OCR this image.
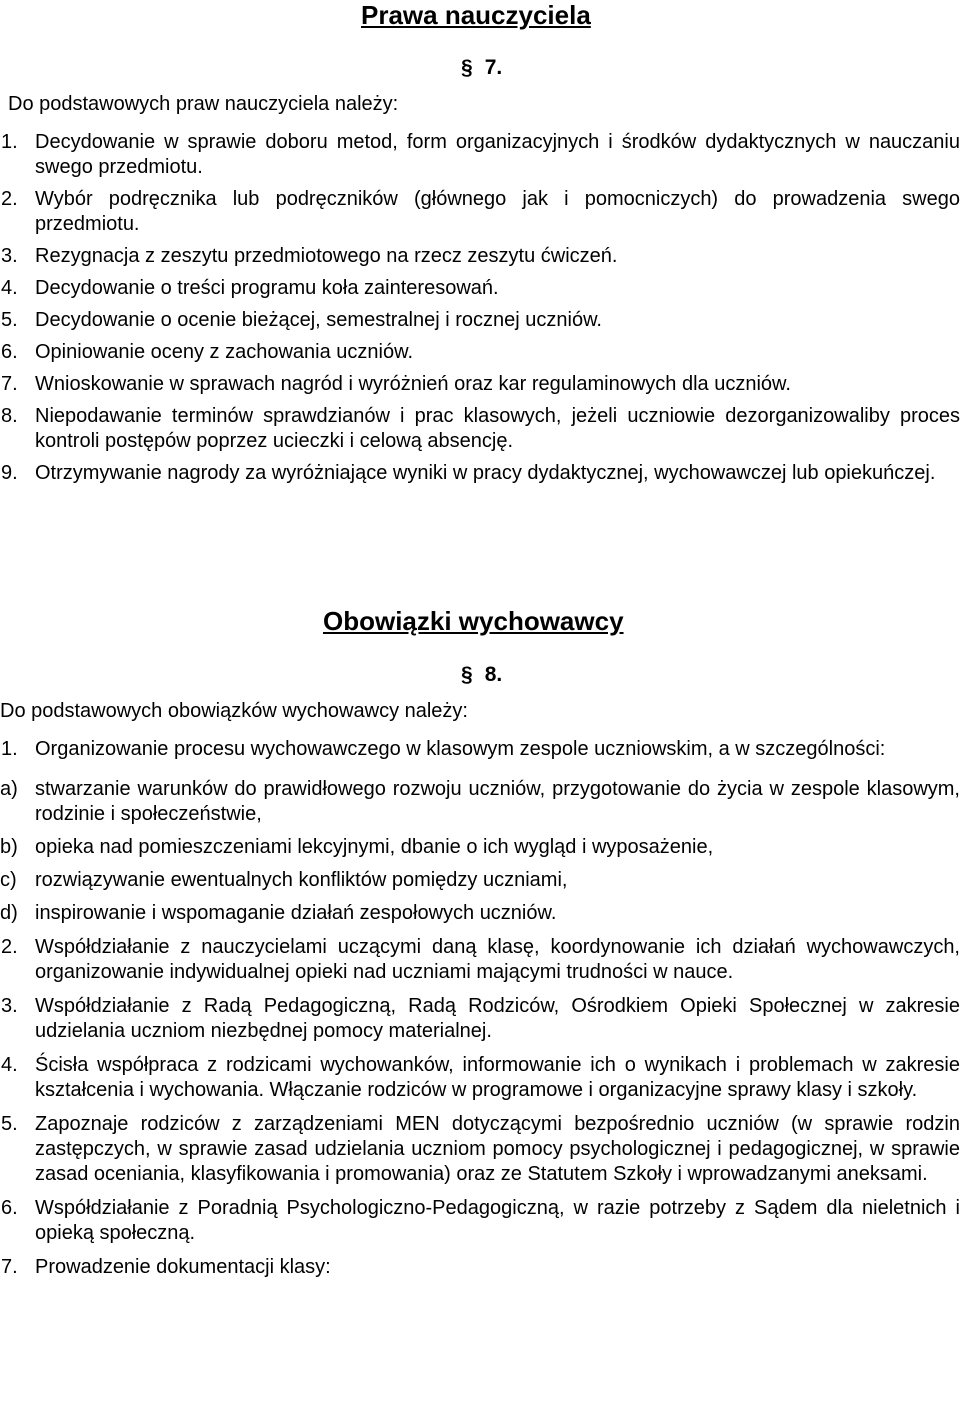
Prawa nauczyciela
§ 7.
Do podstawowych praw nauczyciela należy:
1. Decydowanie w sprawie doboru metod, form organizacyjnych i środków dydaktycznych w nauczaniu swego przedmiotu.
2. Wybór podręcznika lub podręczników (głównego jak i pomocniczych) do prowadzenia swego przedmiotu.
3. Rezygnacja z zeszytu przedmiotowego na rzecz zeszytu ćwiczeń.
4. Decydowanie o treści programu koła zainteresowań.
5. Decydowanie o ocenie bieżącej, semestralnej i rocznej uczniów.
6. Opiniowanie oceny z zachowania uczniów.
7. Wnioskowanie w sprawach nagród i wyróżnień oraz kar regulaminowych dla uczniów.
8. Niepodawanie terminów sprawdzianów i prac klasowych, jeżeli uczniowie dezorganizowaliby proces kontroli postępów poprzez ucieczki i celową absencję.
9. Otrzymywanie nagrody za wyróżniające wyniki w pracy dydaktycznej, wychowawczej lub opiekuńczej.
Obowiązki wychowawcy
§ 8.
Do podstawowych obowiązków wychowawcy należy:
1. Organizowanie procesu wychowawczego w klasowym zespole uczniowskim, a w szczególności:
a) stwarzanie warunków do prawidłowego rozwoju uczniów, przygotowanie do życia w zespole klasowym, rodzinie i społeczeństwie,
b) opieka nad pomieszczeniami lekcyjnymi, dbanie o ich wygląd i wyposażenie,
c) rozwiązywanie ewentualnych konfliktów pomiędzy uczniami,
d) inspirowanie i wspomaganie działań zespołowych uczniów.
2. Współdziałanie z nauczycielami uczącymi daną klasę, koordynowanie ich działań wychowawczych, organizowanie indywidualnej opieki nad uczniami mającymi trudności w nauce.
3. Współdziałanie z Radą Pedagogiczną, Radą Rodziców, Ośrodkiem Opieki Społecznej w zakresie udzielania uczniom niezbędnej pomocy materialnej.
4. Ścisła współpraca z rodzicami wychowanków, informowanie ich o wynikach i problemach w zakresie kształcenia i wychowania. Włączanie rodziców w programowe i organizacyjne sprawy klasy i szkoły.
5. Zapoznaje rodziców z zarządzeniami MEN dotyczącymi bezpośrednio uczniów (w sprawie rodzin zastępczych, w sprawie zasad udzielania uczniom pomocy psychologicznej i pedagogicznej, w sprawie zasad oceniania, klasyfikowania i promowania) oraz ze Statutem Szkoły i wprowadzanymi aneksami.
6. Współdziałanie z Poradnią Psychologiczno-Pedagogiczną, w razie potrzeby z Sądem dla nieletnich i opieką społeczną.
7. Prowadzenie dokumentacji klasy:
